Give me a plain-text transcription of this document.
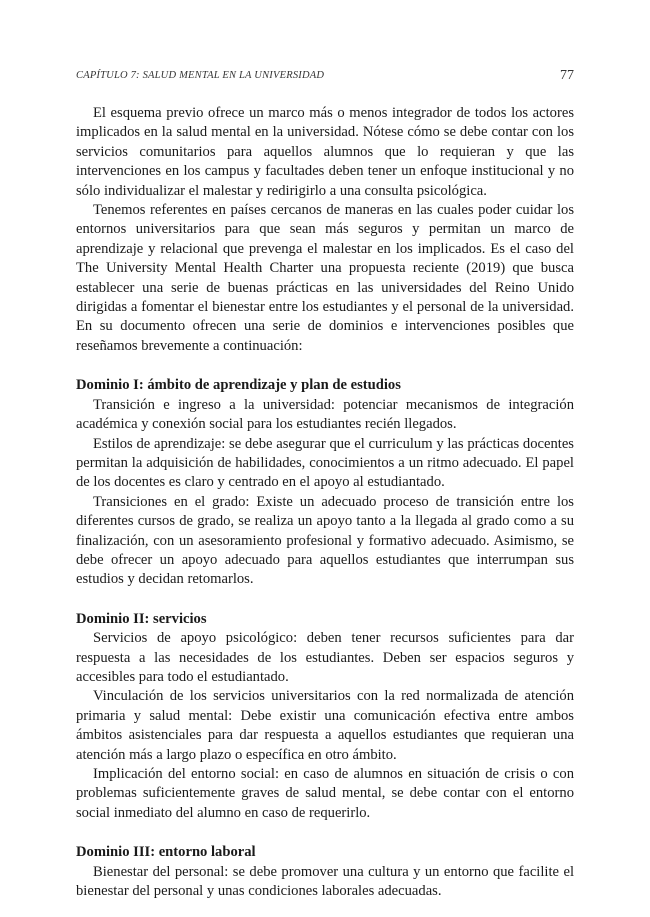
CAPÍTULO 7: SALUD MENTAL EN LA UNIVERSIDAD	77

El esquema previo ofrece un marco más o menos integrador de todos los actores implicados en la salud mental en la universidad. Nótese cómo se debe contar con los servicios comunitarios para aquellos alumnos que lo requieran y que las intervenciones en los campus y facultades deben tener un enfoque institucional y no sólo individualizar el malestar y redirigirlo a una consulta psicológica.

Tenemos referentes en países cercanos de maneras en las cuales poder cuidar los entornos universitarios para que sean más seguros y permitan un marco de aprendizaje y relacional que prevenga el malestar en los implicados. Es el caso del The University Mental Health Charter una propuesta reciente (2019) que busca establecer una serie de buenas prácticas en las universidades del Reino Unido dirigidas a fomentar el bienestar entre los estudiantes y el personal de la universidad. En su documento ofrecen una serie de dominios e intervenciones posibles que reseñamos brevemente a continuación:

Dominio I: ámbito de aprendizaje y plan de estudios

Transición e ingreso a la universidad: potenciar mecanismos de integración académica y conexión social para los estudiantes recién llegados.

Estilos de aprendizaje: se debe asegurar que el curriculum y las prácticas docentes permitan la adquisición de habilidades, conocimientos a un ritmo adecuado. El papel de los docentes es claro y centrado en el apoyo al estudiantado.

Transiciones en el grado: Existe un adecuado proceso de transición entre los diferentes cursos de grado, se realiza un apoyo tanto a la llegada al grado como a su finalización, con un asesoramiento profesional y formativo adecuado. Asimismo, se debe ofrecer un apoyo adecuado para aquellos estudiantes que interrumpan sus estudios y decidan retomarlos.

Dominio II: servicios

Servicios de apoyo psicológico: deben tener recursos suficientes para dar respuesta a las necesidades de los estudiantes. Deben ser espacios seguros y accesibles para todo el estudiantado.

Vinculación de los servicios universitarios con la red normalizada de atención primaria y salud mental: Debe existir una comunicación efectiva entre ambos ámbitos asistenciales para dar respuesta a aquellos estudiantes que requieran una atención más a largo plazo o específica en otro ámbito.

Implicación del entorno social: en caso de alumnos en situación de crisis o con problemas suficientemente graves de salud mental, se debe contar con el entorno social inmediato del alumno en caso de requerirlo.

Dominio III: entorno laboral

Bienestar del personal: se debe promover una cultura y un entorno que facilite el bienestar del personal y unas condiciones laborales adecuadas.
